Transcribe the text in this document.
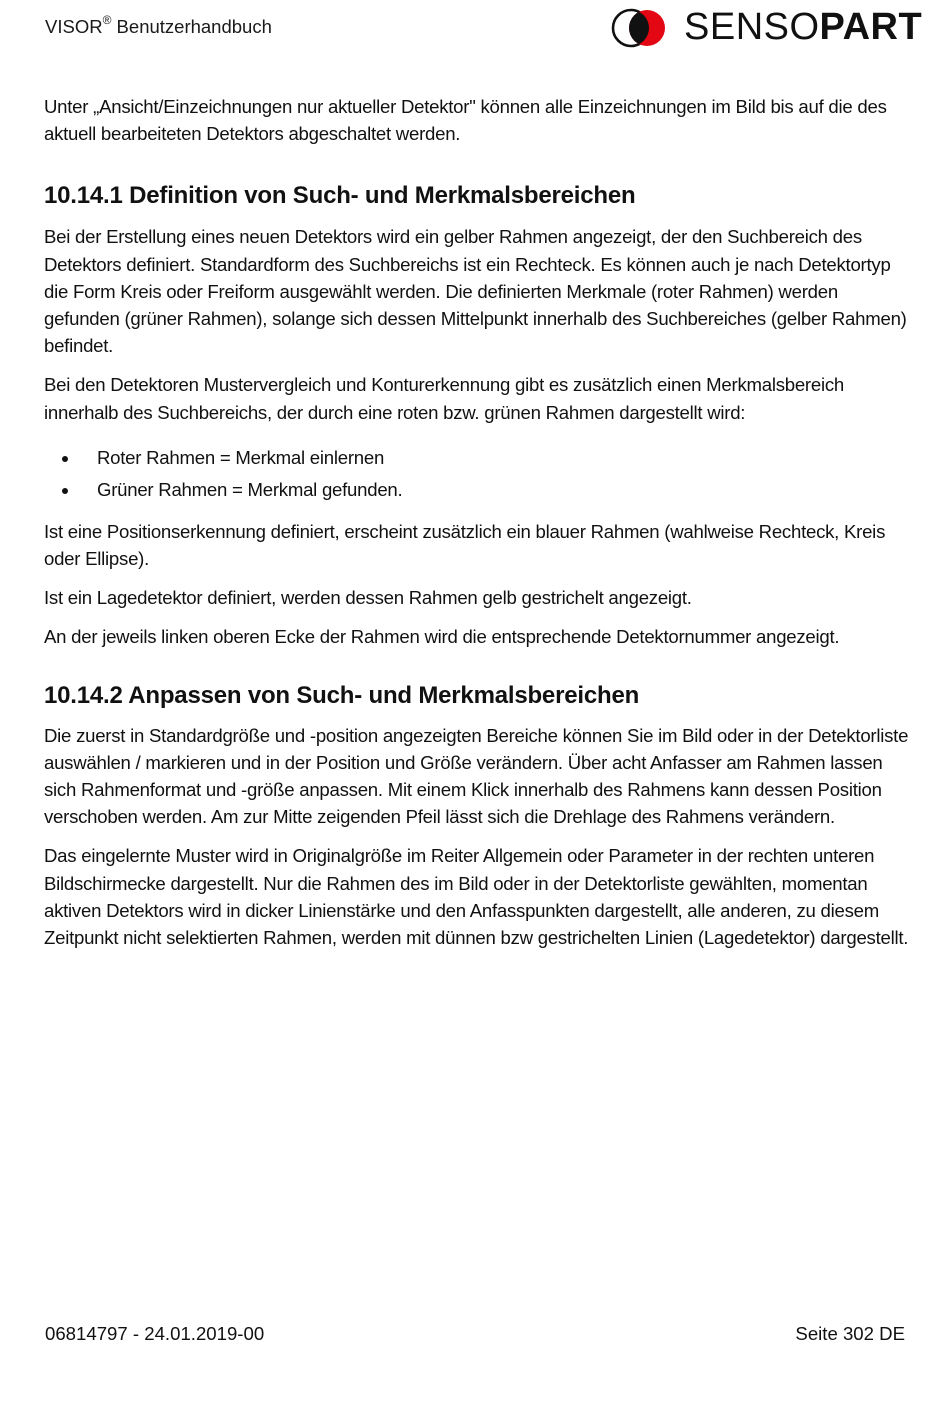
VISOR® Benutzerhandbuch	SENSOPART

Unter „Ansicht/Einzeichnungen nur aktueller Detektor" können alle Einzeichnungen im Bild bis auf die des aktuell bearbeiteten Detektors abgeschaltet werden.

10.14.1 Definition von Such- und Merkmalsbereichen

Bei der Erstellung eines neuen Detektors wird ein gelber Rahmen angezeigt, der den Suchbereich des Detektors definiert. Standardform des Suchbereichs ist ein Rechteck. Es können auch je nach Detektortyp die Form Kreis oder Freiform ausgewählt werden. Die definierten Merkmale (roter Rahmen) werden gefunden (grüner Rahmen), solange sich dessen Mittelpunkt innerhalb des Suchbereiches (gelber Rahmen) befindet.

Bei den Detektoren Mustervergleich und Konturerkennung gibt es zusätzlich einen Merkmalsbereich innerhalb des Suchbereichs, der durch eine roten bzw. grünen Rahmen dargestellt wird:

Roter Rahmen = Merkmal einlernen
Grüner Rahmen = Merkmal gefunden.

Ist eine Positionserkennung definiert, erscheint zusätzlich ein blauer Rahmen (wahlweise Rechteck, Kreis oder Ellipse).

Ist ein Lagedetektor definiert, werden dessen Rahmen gelb gestrichelt angezeigt.

An der jeweils linken oberen Ecke der Rahmen wird die entsprechende Detektornummer angezeigt.

10.14.2 Anpassen von Such- und Merkmalsbereichen

Die zuerst in Standardgröße und -position angezeigten Bereiche können Sie im Bild oder in der Detektorliste auswählen / markieren und in der Position und Größe verändern. Über acht Anfasser am Rahmen lassen sich Rahmenformat und -größe anpassen. Mit einem Klick innerhalb des Rahmens kann dessen Position verschoben werden. Am zur Mitte zeigenden Pfeil lässt sich die Drehlage des Rahmens verändern.

Das eingelernte Muster wird in Originalgröße im Reiter Allgemein oder Parameter in der rechten unteren Bildschirmecke dargestellt. Nur die Rahmen des im Bild oder in der Detektorliste gewählten, momentan aktiven Detektors wird in dicker Linienstärke und den Anfasspunkten dargestellt, alle anderen, zu diesem Zeitpunkt nicht selektierten Rahmen, werden mit dünnen bzw gestrichelten Linien (Lagedetektor) dargestellt.

06814797 - 24.01.2019-00	Seite 302 DE
